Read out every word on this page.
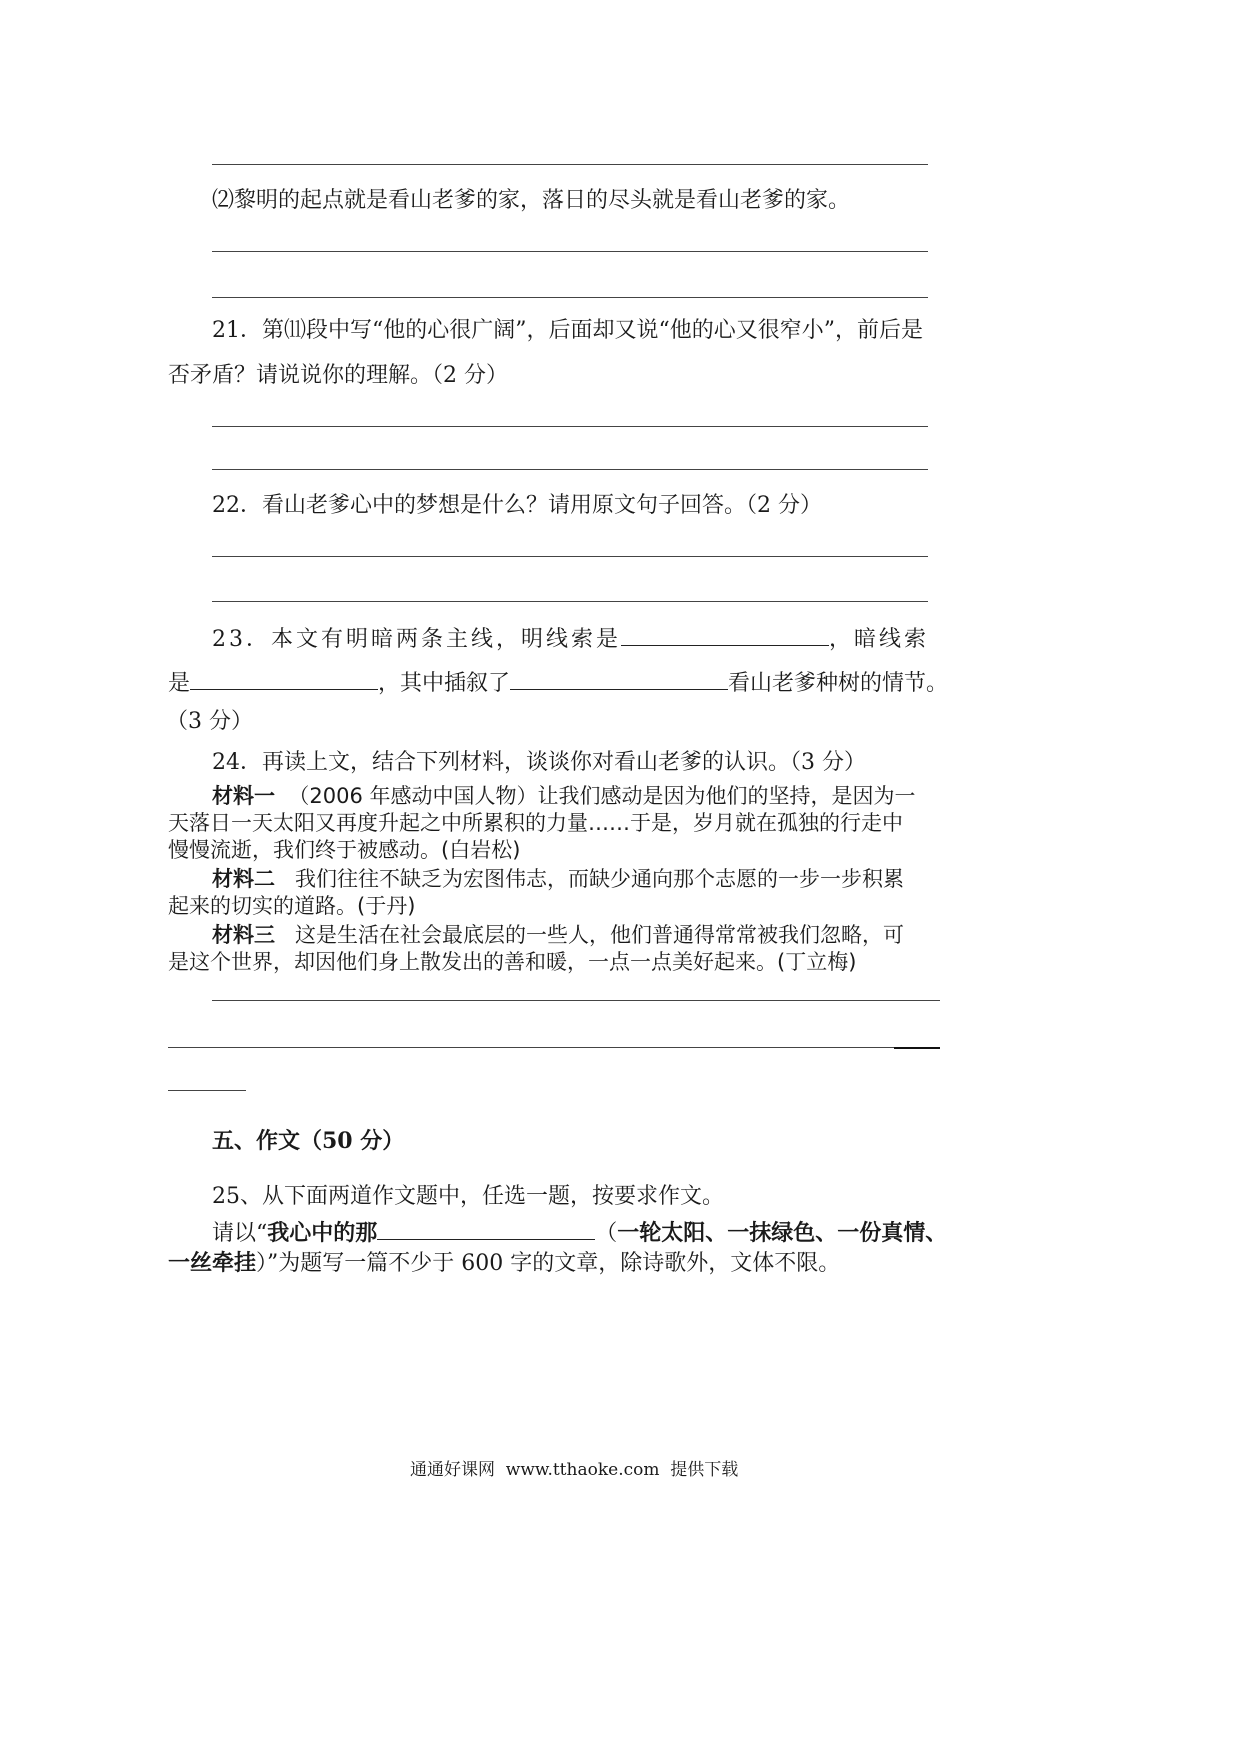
⑵黎明的起点就是看山老爹的家，落日的尽头就是看山老爹的家。
21．第⑾段中写“他的心很广阔”，后面却又说“他的心又很窄小”，前后是
否矛盾？请说说你的理解。（2 分）
22．看山老爹心中的梦想是什么？请用原文句子回答。（2 分）
23．本文有明暗两条主线，明线索是	，暗线索
是	，其中插叙了	看山老爹种树的情节。
（3 分）
24．再读上文，结合下列材料，谈谈你对看山老爹的认识。（3 分）
材料一 （2006 年感动中国人物）让我们感动是因为他们的坚持，是因为一
天落日一天太阳又再度升起之中所累积的力量……于是，岁月就在孤独的行走中
慢慢流逝，我们终于被感动。(白岩松)
材料二 我们往往不缺乏为宏图伟志，而缺少通向那个志愿的一步一步积累
起来的切实的道路。(于丹)
材料三 这是生活在社会最底层的一些人，他们普通得常常被我们忽略，可
是这个世界，却因他们身上散发出的善和暖，一点一点美好起来。(丁立梅)
五、作文（50 分）
25、从下面两道作文题中，任选一题，按要求作文。
请以“我心中的那	（一轮太阳、一抹绿色、一份真情、
一丝牵挂）”为题写一篇不少于 600 字的文章，除诗歌外，文体不限。
通通好课网  www.tthaoke.com  提供下载
